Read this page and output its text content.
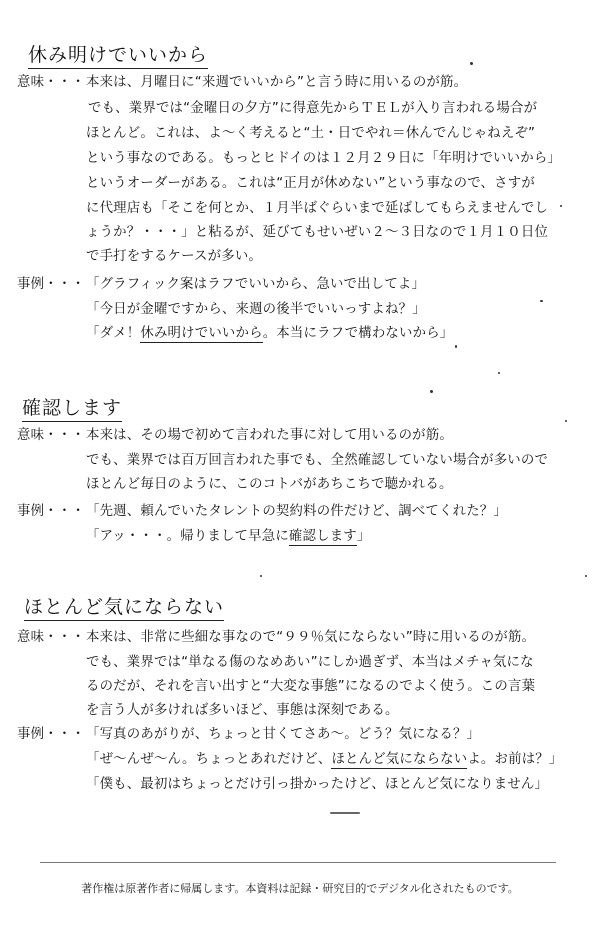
休み明けでいいから
意味・・・ 本来は、月曜日に“来週でいいから”と言う時に用いるのが筋。
でも、業界では“金曜日の夕方”に得意先からＴＥＬが入り言われる場合が
ほとんど。これは、よ～く考えると“土・日でやれ＝休んでんじゃねえぞ”
という事なのである。もっとヒドイのは１２月２９日に「年明けでいいから」
というオーダーがある。これは“正月が休めない”という事なので、さすが
に代理店も「そこを何とか、１月半ばぐらいまで延ばしてもらえませんでし
ょうか？・・・」と粘るが、延びてもせいぜい２～３日なので１月１０日位
で手打をするケースが多い。
事例・・・ 「グラフィック案はラフでいいから、急いで出してよ」
「今日が金曜ですから、来週の後半でいいっすよね？」
「ダメ！休み明けでいいから。本当にラフで構わないから」
確認します
意味・・・ 本来は、その場で初めて言われた事に対して用いるのが筋。
でも、業界では百万回言われた事でも、全然確認していない場合が多いので
ほとんど毎日のように、このコトバがあちこちで聴かれる。
事例・・・ 「先週、頼んでいたタレントの契約料の件だけど、調べてくれた？」
「アッ・・・。帰りまして早急に確認します」
ほとんど気にならない
意味・・・ 本来は、非常に些細な事なので“９９％気にならない”時に用いるのが筋。
でも、業界では“単なる傷のなめあい”にしか過ぎず、本当はメチャ気にな
るのだが、それを言い出すと“大変な事態”になるのでよく使う。この言葉
を言う人が多ければ多いほど、事態は深刻である。
事例・・・ 「写真のあがりが、ちょっと甘くてさあ～。どう？気になる？」
「ぜ～んぜ～ん。ちょっとあれだけど、ほとんど気にならないよ。お前は？」
「僕も、最初はちょっとだけ引っ掛かったけど、ほとんど気になりません」
著作権は原著作者に帰属します。本資料は記録・研究目的でデジタル化されたものです。
